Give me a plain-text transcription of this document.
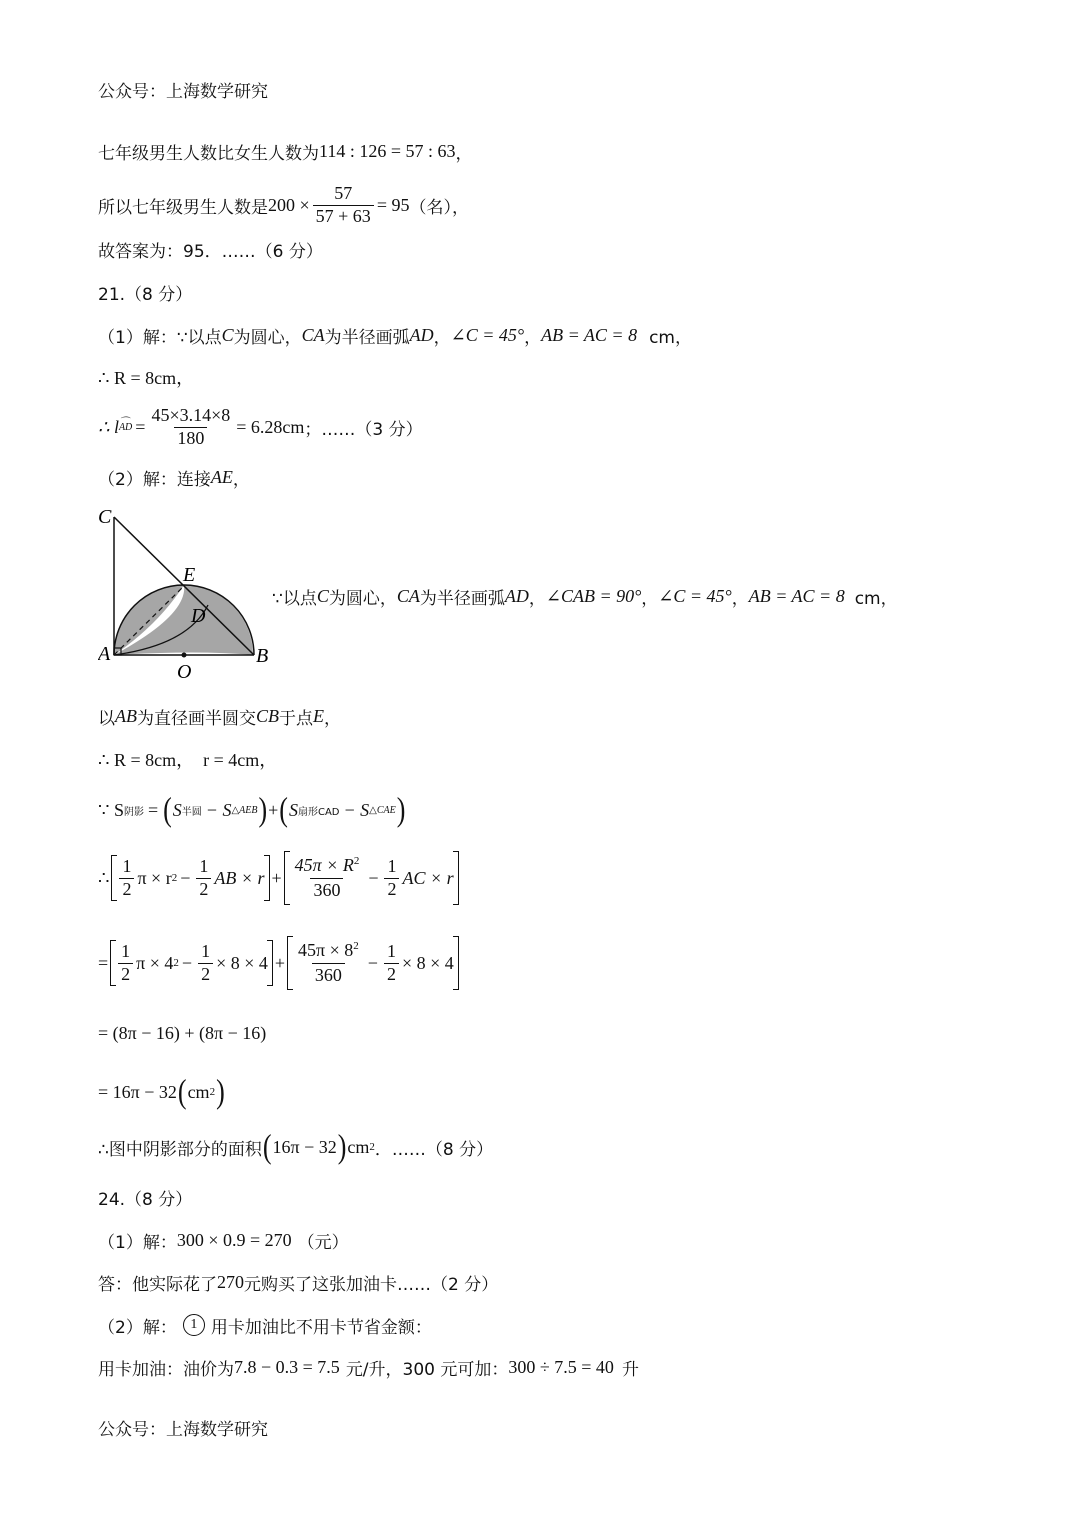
公众号：上海数学研究
七年级男生人数比女生人数为 114 : 126 = 57 : 63 ，
所以七年级男生人数是 $200 \times \frac{57}{57 + 63} = 95$ （名），
故答案为：95．……（6 分）
21.（8 分）
（1）解：∵以点 C 为圆心， CA 为半径画弧 AD ， ∠C = 45° ， AB = AC = 8 cm，
∴ R = 8cm，
∴ l
⌒ AD = $\frac{45\times 3.14\times 8}{180} = 6.28cm$ ；……（3 分）
（2）解：连接 AE ，
C
E
D
A	B
O
∵以点 C 为圆心， CA 为半径画弧 AD ， ∠CAB = 90° ， ∠C = 45° ， AB = AC = 8 cm，
以 AB 为直径画半圆交 CB 于点 E ，
∴ R = 8cm，  r = 4cm，
∵ S 阴影 = ( S 半圆 − S △AEB ) + ( S 扇形CAD − S △CAE )
∴ $\frac{1}{2}$ π × r $2 - \frac{1}{2}$ AB × $r + \frac{45\pi \times R^2}{360} - \frac{1}{2}$ AC × r
= $\frac{1}{2}$ π × 4 $2 - \frac{1}{2} \times 8 \times 4 + \frac{45\pi \times 8^2}{360} - \frac{1}{2} \times 8 \times 4$
= (8π − 16) + (8π − 16)
= 16π − 32 ( cm 2 )
∴图中阴影部分的面积 ( 16π − 32 ) cm 2 ．……（8 分）
24.（8 分）
（1）解： 300 × 0.9 = 270 （元）
答：他实际花了 270 元购买了这张加油卡……（2 分）
（2）解： 1 用卡加油比不用卡节省金额：
用卡加油：油价为 7.8 − 0.3 = 7.5 元/升，300 元可加： 300 ÷ 7.5 = 40 升
公众号：上海数学研究
